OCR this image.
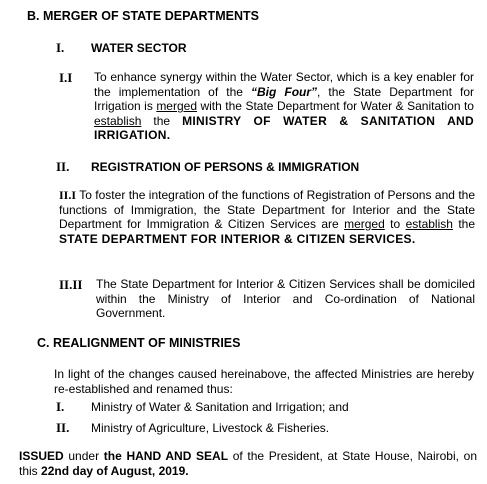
B. MERGER OF STATE DEPARTMENTS
I. WATER SECTOR
I.I To enhance synergy within the Water Sector, which is a key enabler for the implementation of the “Big Four”, the State Department for Irrigation is merged with the State Department for Water & Sanitation to establish the MINISTRY OF WATER & SANITATION AND IRRIGATION.
II. REGISTRATION OF PERSONS & IMMIGRATION
II.I To foster the integration of the functions of Registration of Persons and the functions of Immigration, the State Department for Interior and the State Department for Immigration & Citizen Services are merged to establish the STATE DEPARTMENT FOR INTERIOR & CITIZEN SERVICES.
II.II The State Department for Interior & Citizen Services shall be domiciled within the Ministry of Interior and Co-ordination of National Government.
C. REALIGNMENT OF MINISTRIES
In light of the changes caused hereinabove, the affected Ministries are hereby re-established and renamed thus:
I. Ministry of Water & Sanitation and Irrigation; and
II. Ministry of Agriculture, Livestock & Fisheries.
ISSUED under the HAND AND SEAL of the President, at State House, Nairobi, on this 22nd day of August, 2019.
